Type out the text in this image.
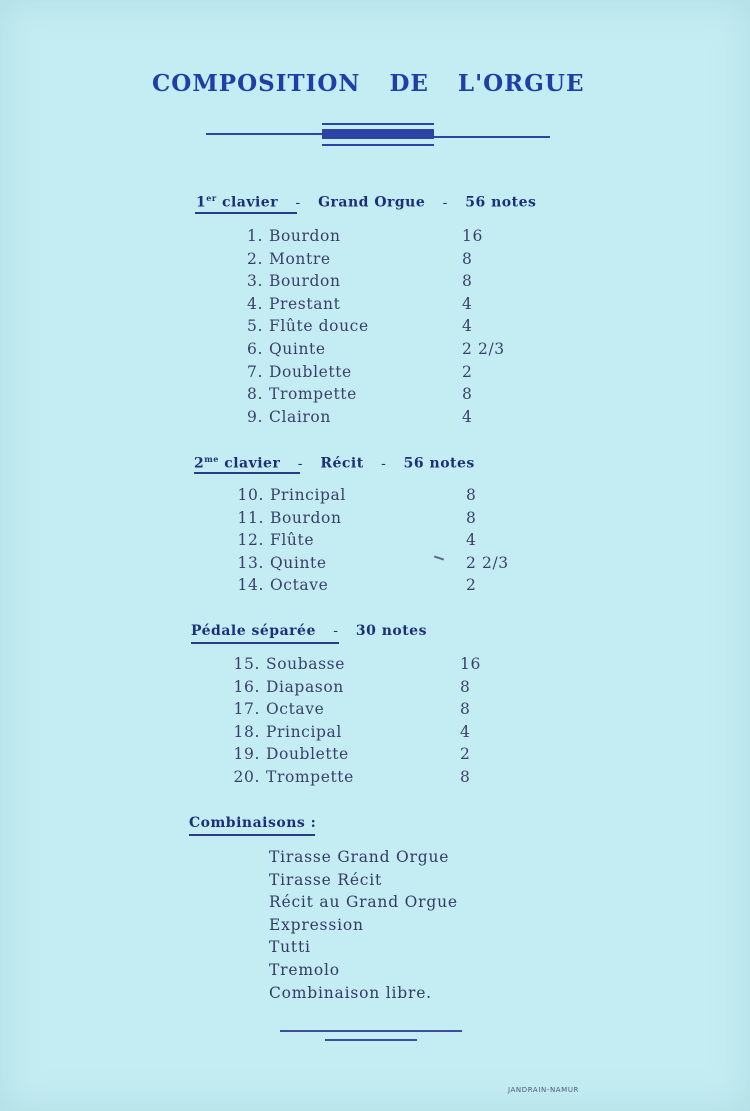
COMPOSITION DE L'ORGUE
1er clavier - Grand Orgue - 56 notes
1. Bourdon	16
2. Montre	8
3. Bourdon	8
4. Prestant	4
5. Flûte douce	4
6. Quinte	2 2/3
7. Doublette	2
8. Trompette	8
9. Clairon	4
$2^{me}$ clavier - Récit - 56 notes
10. Principal	8
11. Bourdon	8
12. Flûte	4
13. Quinte	2 2/3
14. Octave	2
Pédale séparée - 30 notes
15. Soubasse	16
16. Diapason	8
17. Octave	8
18. Principal	4
19. Doublette	2
20. Trompette	8
Combinaisons :
Tirasse Grand Orgue
Tirasse Récit
Récit au Grand Orgue
Expression
Tutti
Tremolo
Combinaison libre.
JANDRAIN-NAMUR
